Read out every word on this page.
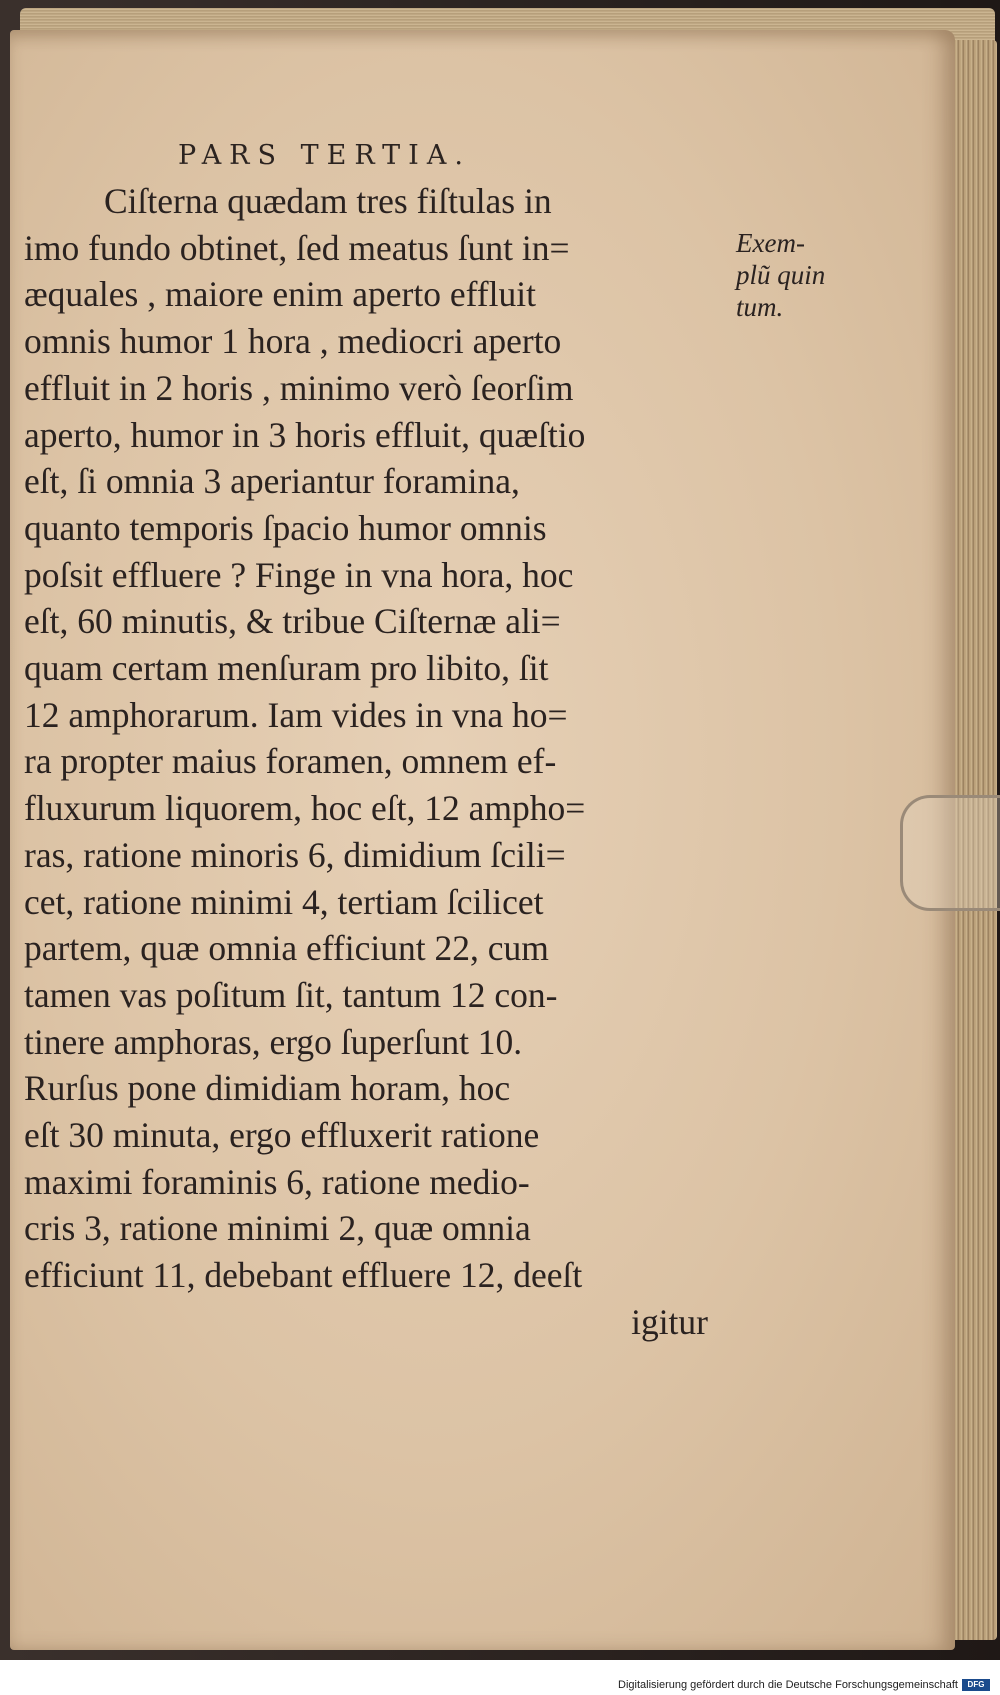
PARS TERTIA.
Ciſterna quædam tres fiſtulas in
imo fundo obtinet, ſed meatus ſunt in=
æquales , maiore enim aperto effluit
omnis humor 1 hora , mediocri aperto
effluit in 2 horis , minimo verò ſeorſim
aperto, humor in 3 horis effluit, quæſtio
eſt, ſi omnia 3 aperiantur foramina,
quanto temporis ſpacio humor omnis
poſsit effluere ? Finge in vna hora, hoc
eſt, 60 minutis, & tribue Ciſternæ ali=
quam certam menſuram pro libito, ſit
12 amphorarum. Iam vides in vna ho=
ra propter maius foramen, omnem ef-
fluxurum liquorem, hoc eſt, 12 ampho=
ras, ratione minoris 6, dimidium ſcili=
cet, ratione minimi 4, tertiam ſcilicet
partem, quæ omnia efficiunt 22, cum
tamen vas poſitum ſit, tantum 12 con-
tinere amphoras, ergo ſuperſunt 10.
Rurſus pone dimidiam horam, hoc
eſt 30 minuta, ergo effluxerit ratione
maximi foraminis 6, ratione medio-
cris 3, ratione minimi 2, quæ omnia
efficiunt 11, debebant effluere 12, deeſt
igitur
Exem-
plũ quin
tum.
Digitalisierung gefördert durch die Deutsche Forschungsgemeinschaft	DFG
